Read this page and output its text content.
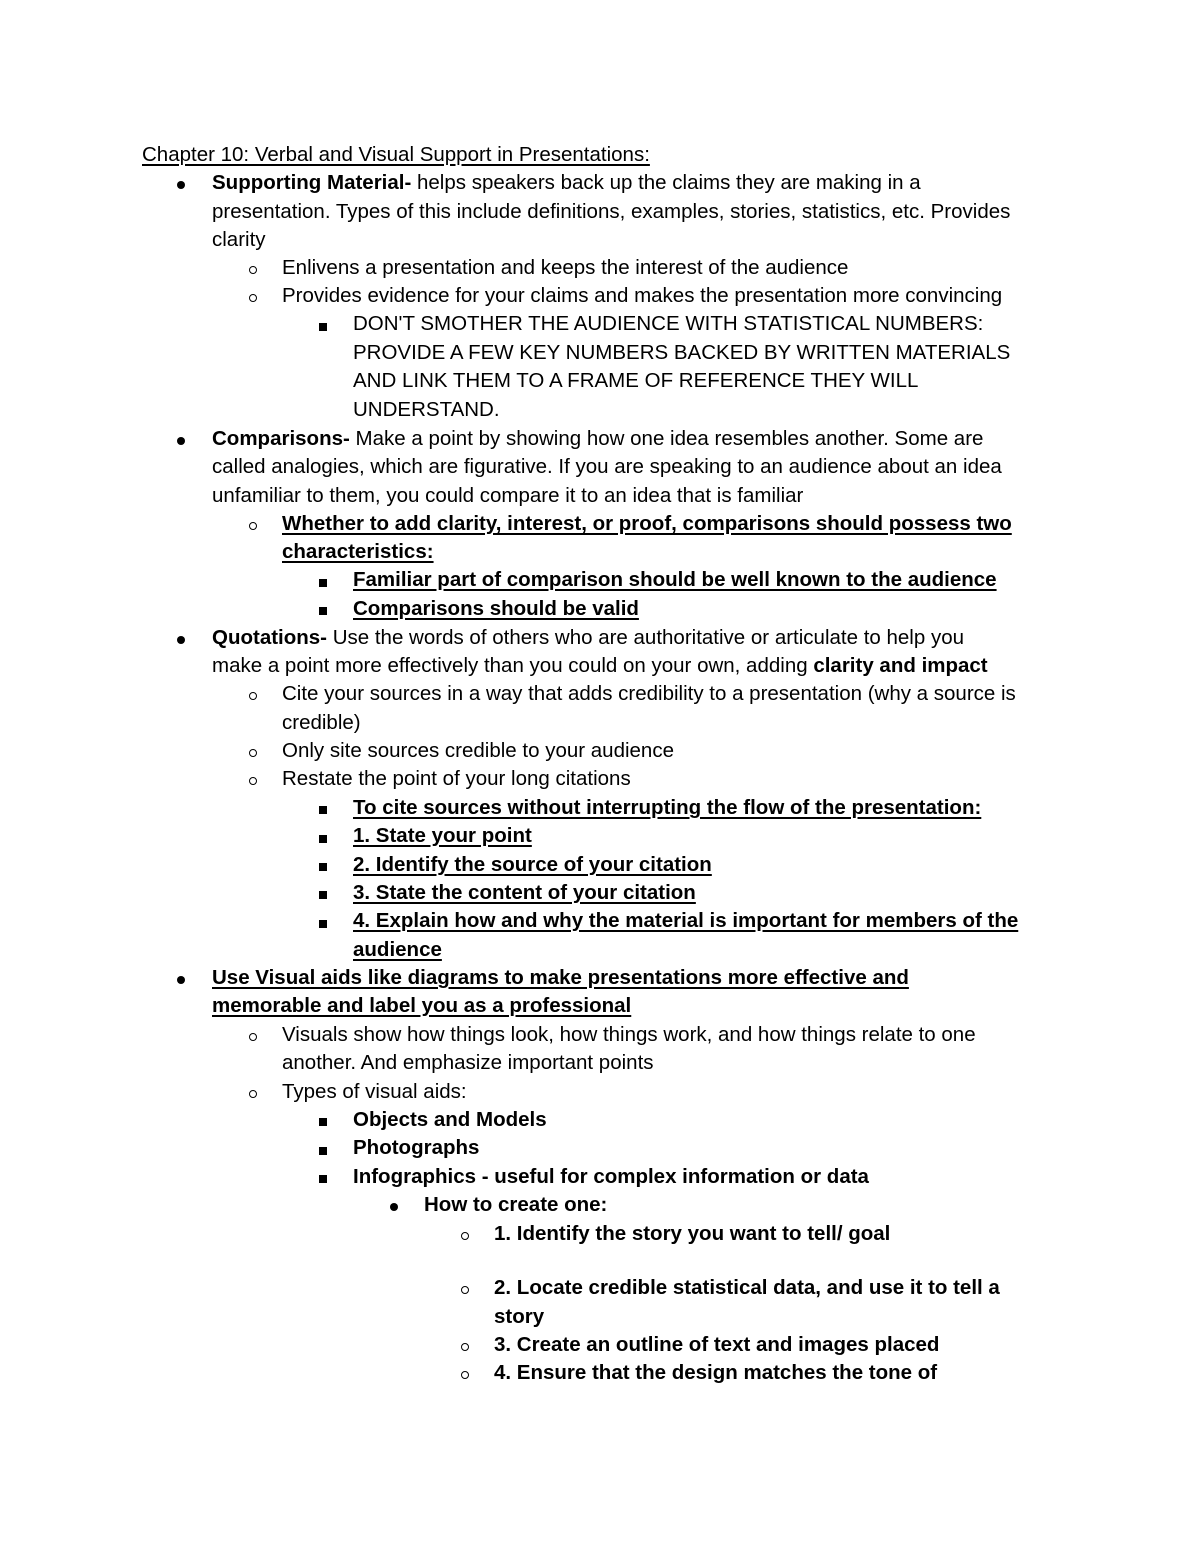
Chapter 10: Verbal and Visual Support in Presentations:
Supporting Material- helps speakers back up the claims they are making in a
presentation. Types of this include definitions, examples, stories, statistics, etc. Provides
clarity
Enlivens a presentation and keeps the interest of the audience
Provides evidence for your claims and makes the presentation more convincing
DON'T SMOTHER THE AUDIENCE WITH STATISTICAL NUMBERS:
PROVIDE A FEW KEY NUMBERS BACKED BY WRITTEN MATERIALS
AND LINK THEM TO A FRAME OF REFERENCE THEY WILL
UNDERSTAND.
Comparisons- Make a point by showing how one idea resembles another. Some are
called analogies, which are figurative. If you are speaking to an audience about an idea
unfamiliar to them, you could compare it to an idea that is familiar
Whether to add clarity, interest, or proof, comparisons should possess two
characteristics:
Familiar part of comparison should be well known to the audience
Comparisons should be valid
Quotations- Use the words of others who are authoritative or articulate to help you
make a point more effectively than you could on your own, adding clarity and impact
Cite your sources in a way that adds credibility to a presentation (why a source is
credible)
Only site sources credible to your audience
Restate the point of your long citations
To cite sources without interrupting the flow of the presentation:
1. State your point
2. Identify the source of your citation
3. State the content of your citation
4. Explain how and why the material is important for members of the
audience
Use Visual aids like diagrams to make presentations more effective and
memorable and label you as a professional
Visuals show how things look, how things work, and how things relate to one
another. And emphasize important points
Types of visual aids:
Objects and Models
Photographs
Infographics - useful for complex information or data
How to create one:
1. Identify the story you want to tell/ goal
2. Locate credible statistical data, and use it to tell a
story
3. Create an outline of text and images placed
4. Ensure that the design matches the tone of
